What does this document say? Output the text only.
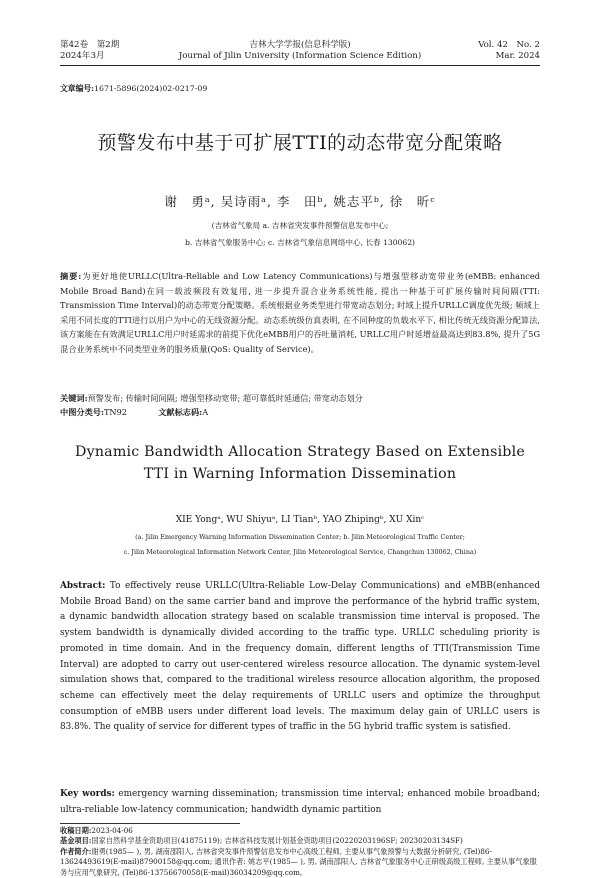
第42卷　第2期
2024年3月
吉林大学学报(信息科学版)
Journal of Jilin University (Information Science Edition)
Vol. 42　No. 2
Mar. 2024
文章编号:1671-5896(2024)02-0217-09
预警发布中基于可扩展TTI的动态带宽分配策略
谢　勇ᵃ, 吴诗雨ᵃ, 李　田ᵇ, 姚志平ᵇ, 徐　昕ᶜ
(吉林省气象局 a. 吉林省突发事件预警信息发布中心;
b. 吉林省气象服务中心; c. 吉林省气象信息网络中心, 长春 130062)
摘要:为更好地使URLLC(Ultra-Reliable and Low Latency Communications)与增强型移动宽带业务(eMBB: enhanced Mobile Broad Band)在同一载波频段有效复用, 进一步提升混合业务系统性能, 提出一种基于可扩展传输时间间隔(TTI: Transmission Time Interval)的动态带宽分配策略。系统根据业务类型进行带宽动态划分; 时域上提升URLLC调度优先级; 频域上采用不同长度的TTI进行以用户为中心的无线资源分配。动态系统级仿真表明, 在不同种度的负载水平下, 相比传统无线资源分配算法, 该方案能在有效满足URLLC用户时延需求的前提下优化eMBB用户的吞吐量消耗, URLLC用户时延增益最高达到83.8%, 提升了5G混合业务系统中不同类型业务的服务质量(QoS: Quality of Service)。
关键词:预警发布; 传输时间间隔; 增强型移动宽带; 超可靠低时延通信; 带宽动态划分
中图分类号:TN92	文献标志码:A
Dynamic Bandwidth Allocation Strategy Based on Extensible
TTI in Warning Information Dissemination
XIE Yongᵃ, WU Shiyuᵃ, LI Tianᵇ, YAO Zhipingᵇ, XU Xinᶜ
(a. Jilin Emergency Warning Information Dissemination Center; b. Jilin Meteorological Traffic Center;
c. Jilin Meteorological Information Network Center, Jilin Meteorological Service, Changchun 130062, China)
Abstract: To effectively reuse URLLC(Ultra-Reliable Low-Delay Communications) and eMBB(enhanced Mobile Broad Band) on the same carrier band and improve the performance of the hybrid traffic system, a dynamic bandwidth allocation strategy based on scalable transmission time interval is proposed. The system bandwidth is dynamically divided according to the traffic type. URLLC scheduling priority is promoted in time domain. And in the frequency domain, different lengths of TTI(Transmission Time Interval) are adopted to carry out user-centered wireless resource allocation. The dynamic system-level simulation shows that, compared to the traditional wireless resource allocation algorithm, the proposed scheme can effectively meet the delay requirements of URLLC users and optimize the throughput consumption of eMBB users under different load levels. The maximum delay gain of URLLC users is 83.8%. The quality of service for different types of traffic in the 5G hybrid traffic system is satisfied.
Key words: emergency warning dissemination; transmission time interval; enhanced mobile broadband; ultra-reliable low-latency communication; handwidth dynamic partition
收稿日期:2023-04-06
基金项目:国家自然科学基金资助项目(41875119); 吉林省科技发展计划基金资助项目(20220203196SF; 20230203134SF)
作者简介:谢勇(1985— ), 男, 湖南邵阳人, 吉林省突发事件预警信息发布中心高级工程师, 主要从事气象预警与大数据分析研究, (Tel)86-13624493619(E-mail)87900158@qq.com; 通讯作者: 姚志平(1985— ), 男, 湖南邵阳人, 吉林省气象服务中心正研级高级工程师, 主要从事气象服务与应用气象研究, (Tel)86-13756670058(E-mail)36034209@qq.com。
